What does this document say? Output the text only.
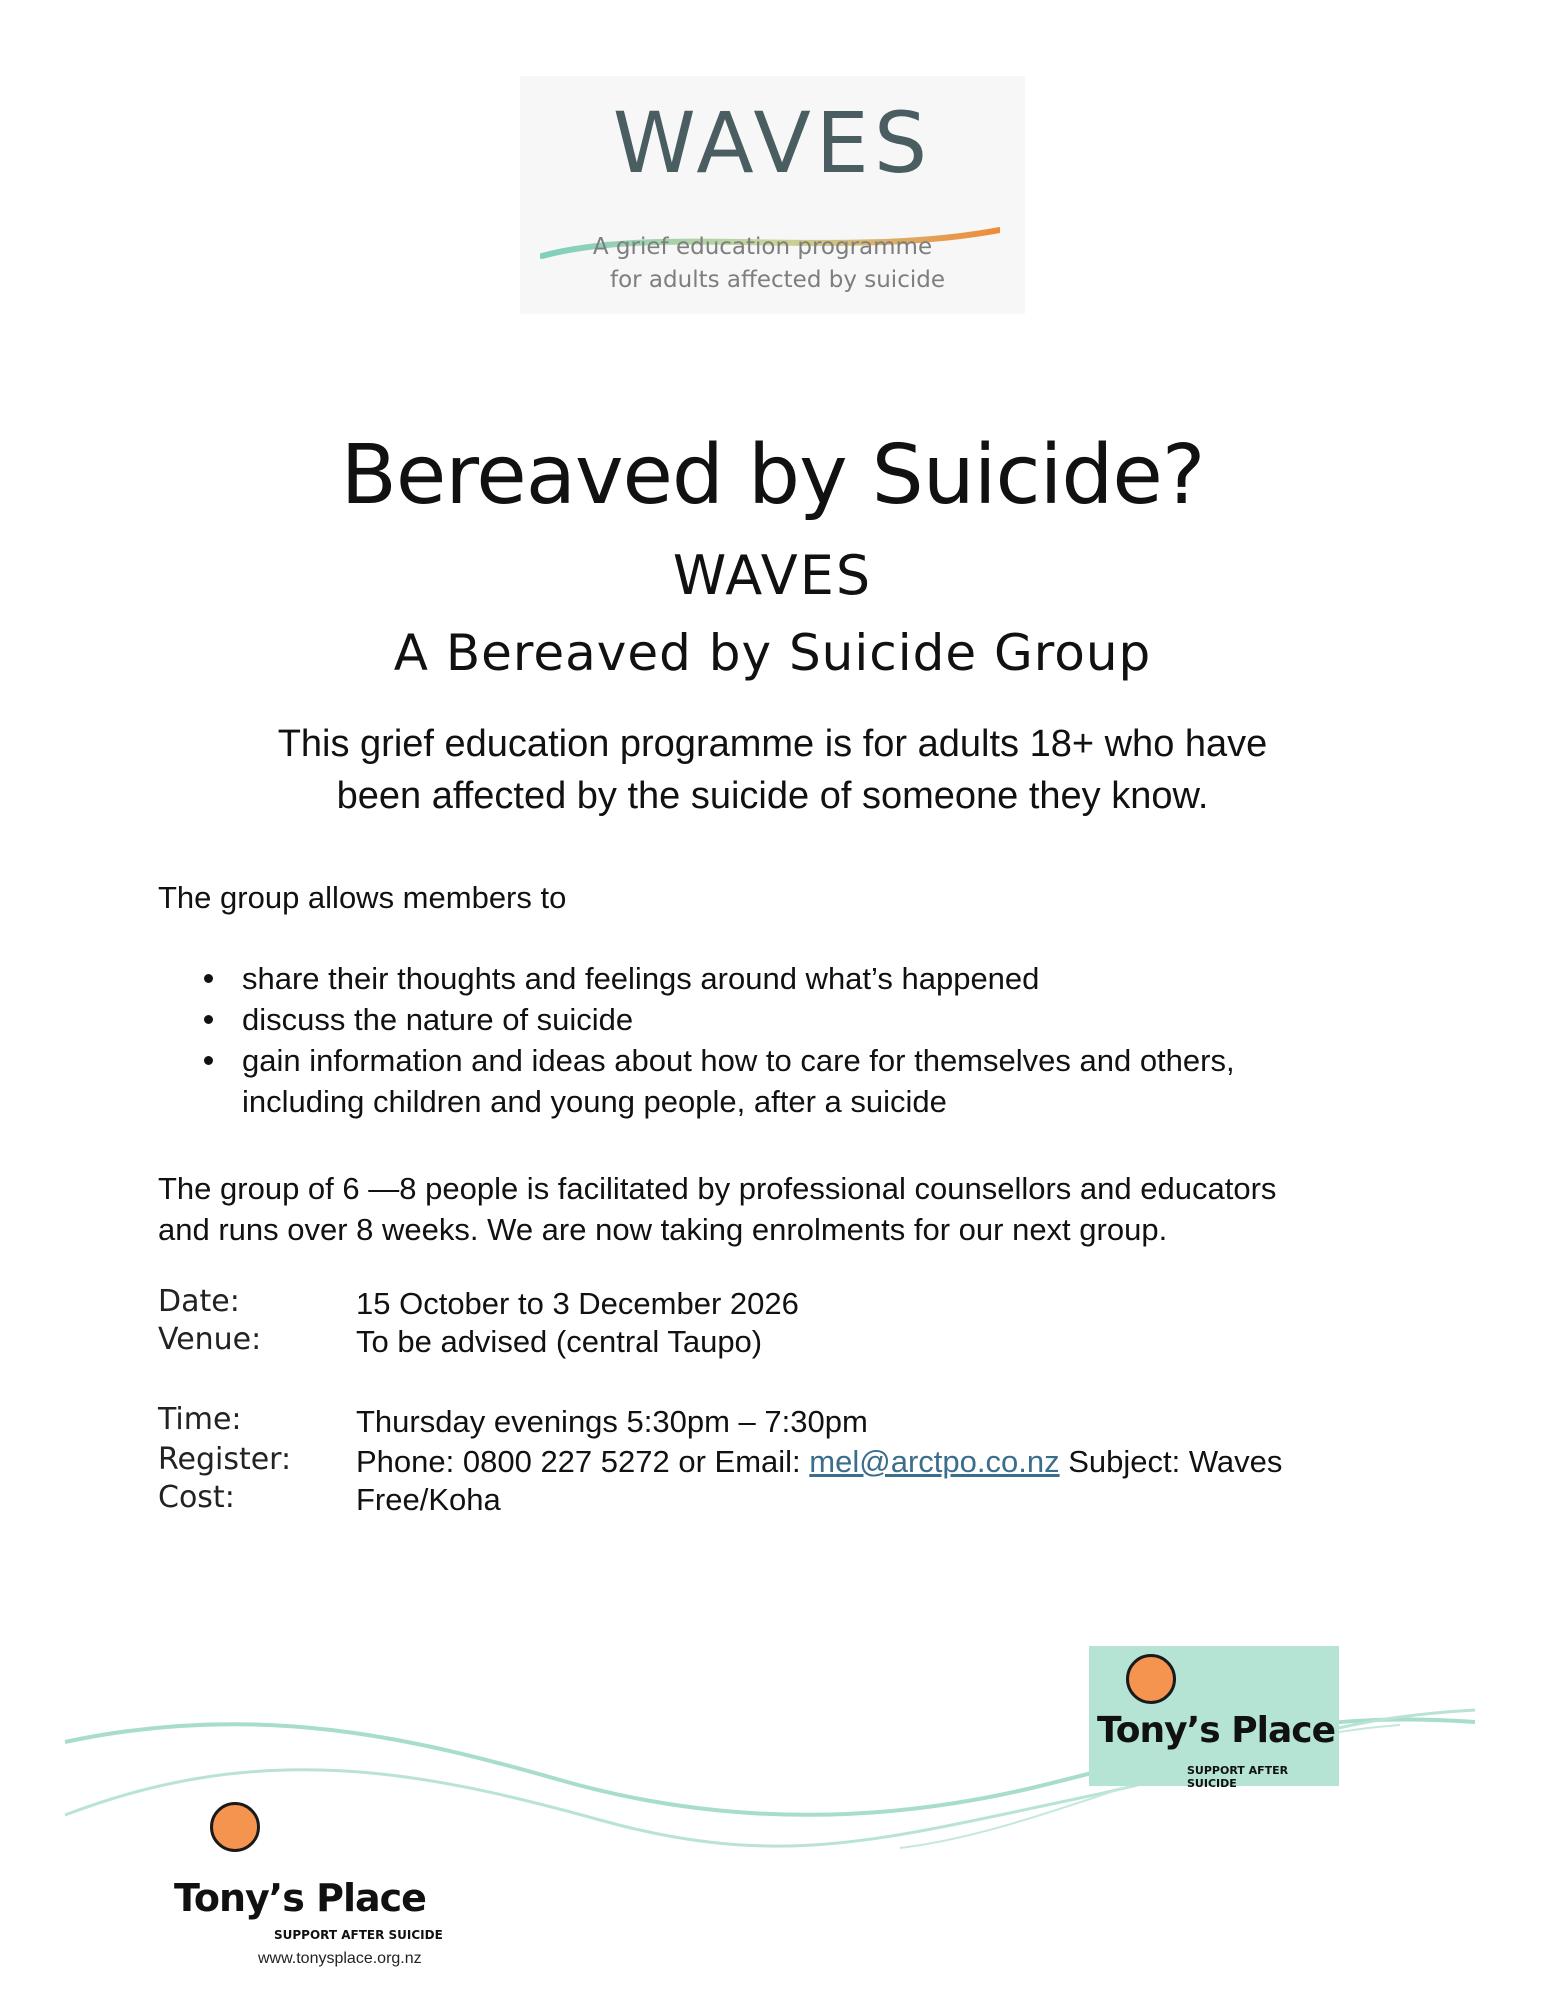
WAVES
A grief education programme
for adults affected by suicide
Bereaved by Suicide?
WAVES
A Bereaved by Suicide Group
This grief education programme is for adults 18+ who have
been affected by the suicide of someone they know.
The group allows members to
share their thoughts and feelings around what’s happened
discuss the nature of suicide
gain information and ideas about how to care for themselves and others,
including children and young people, after a suicide
The group of 6 —8 people is facilitated by professional counsellors and educators
and runs over 8 weeks. We are now taking enrolments for our next group.
Date:	15 October to 3 December 2026
Venue:	To be advised (central Taupo)
Time:	Thursday evenings 5:30pm – 7:30pm
Register: Phone: 0800 227 5272 or Email: mel@arctpo.co.nz Subject: Waves
Cost:	Free/Koha
Tony’s Place
SUPPORT AFTER SUICIDE
Tony’s Place
SUPPORT AFTER SUICIDE
www.tonysplace.org.nz
